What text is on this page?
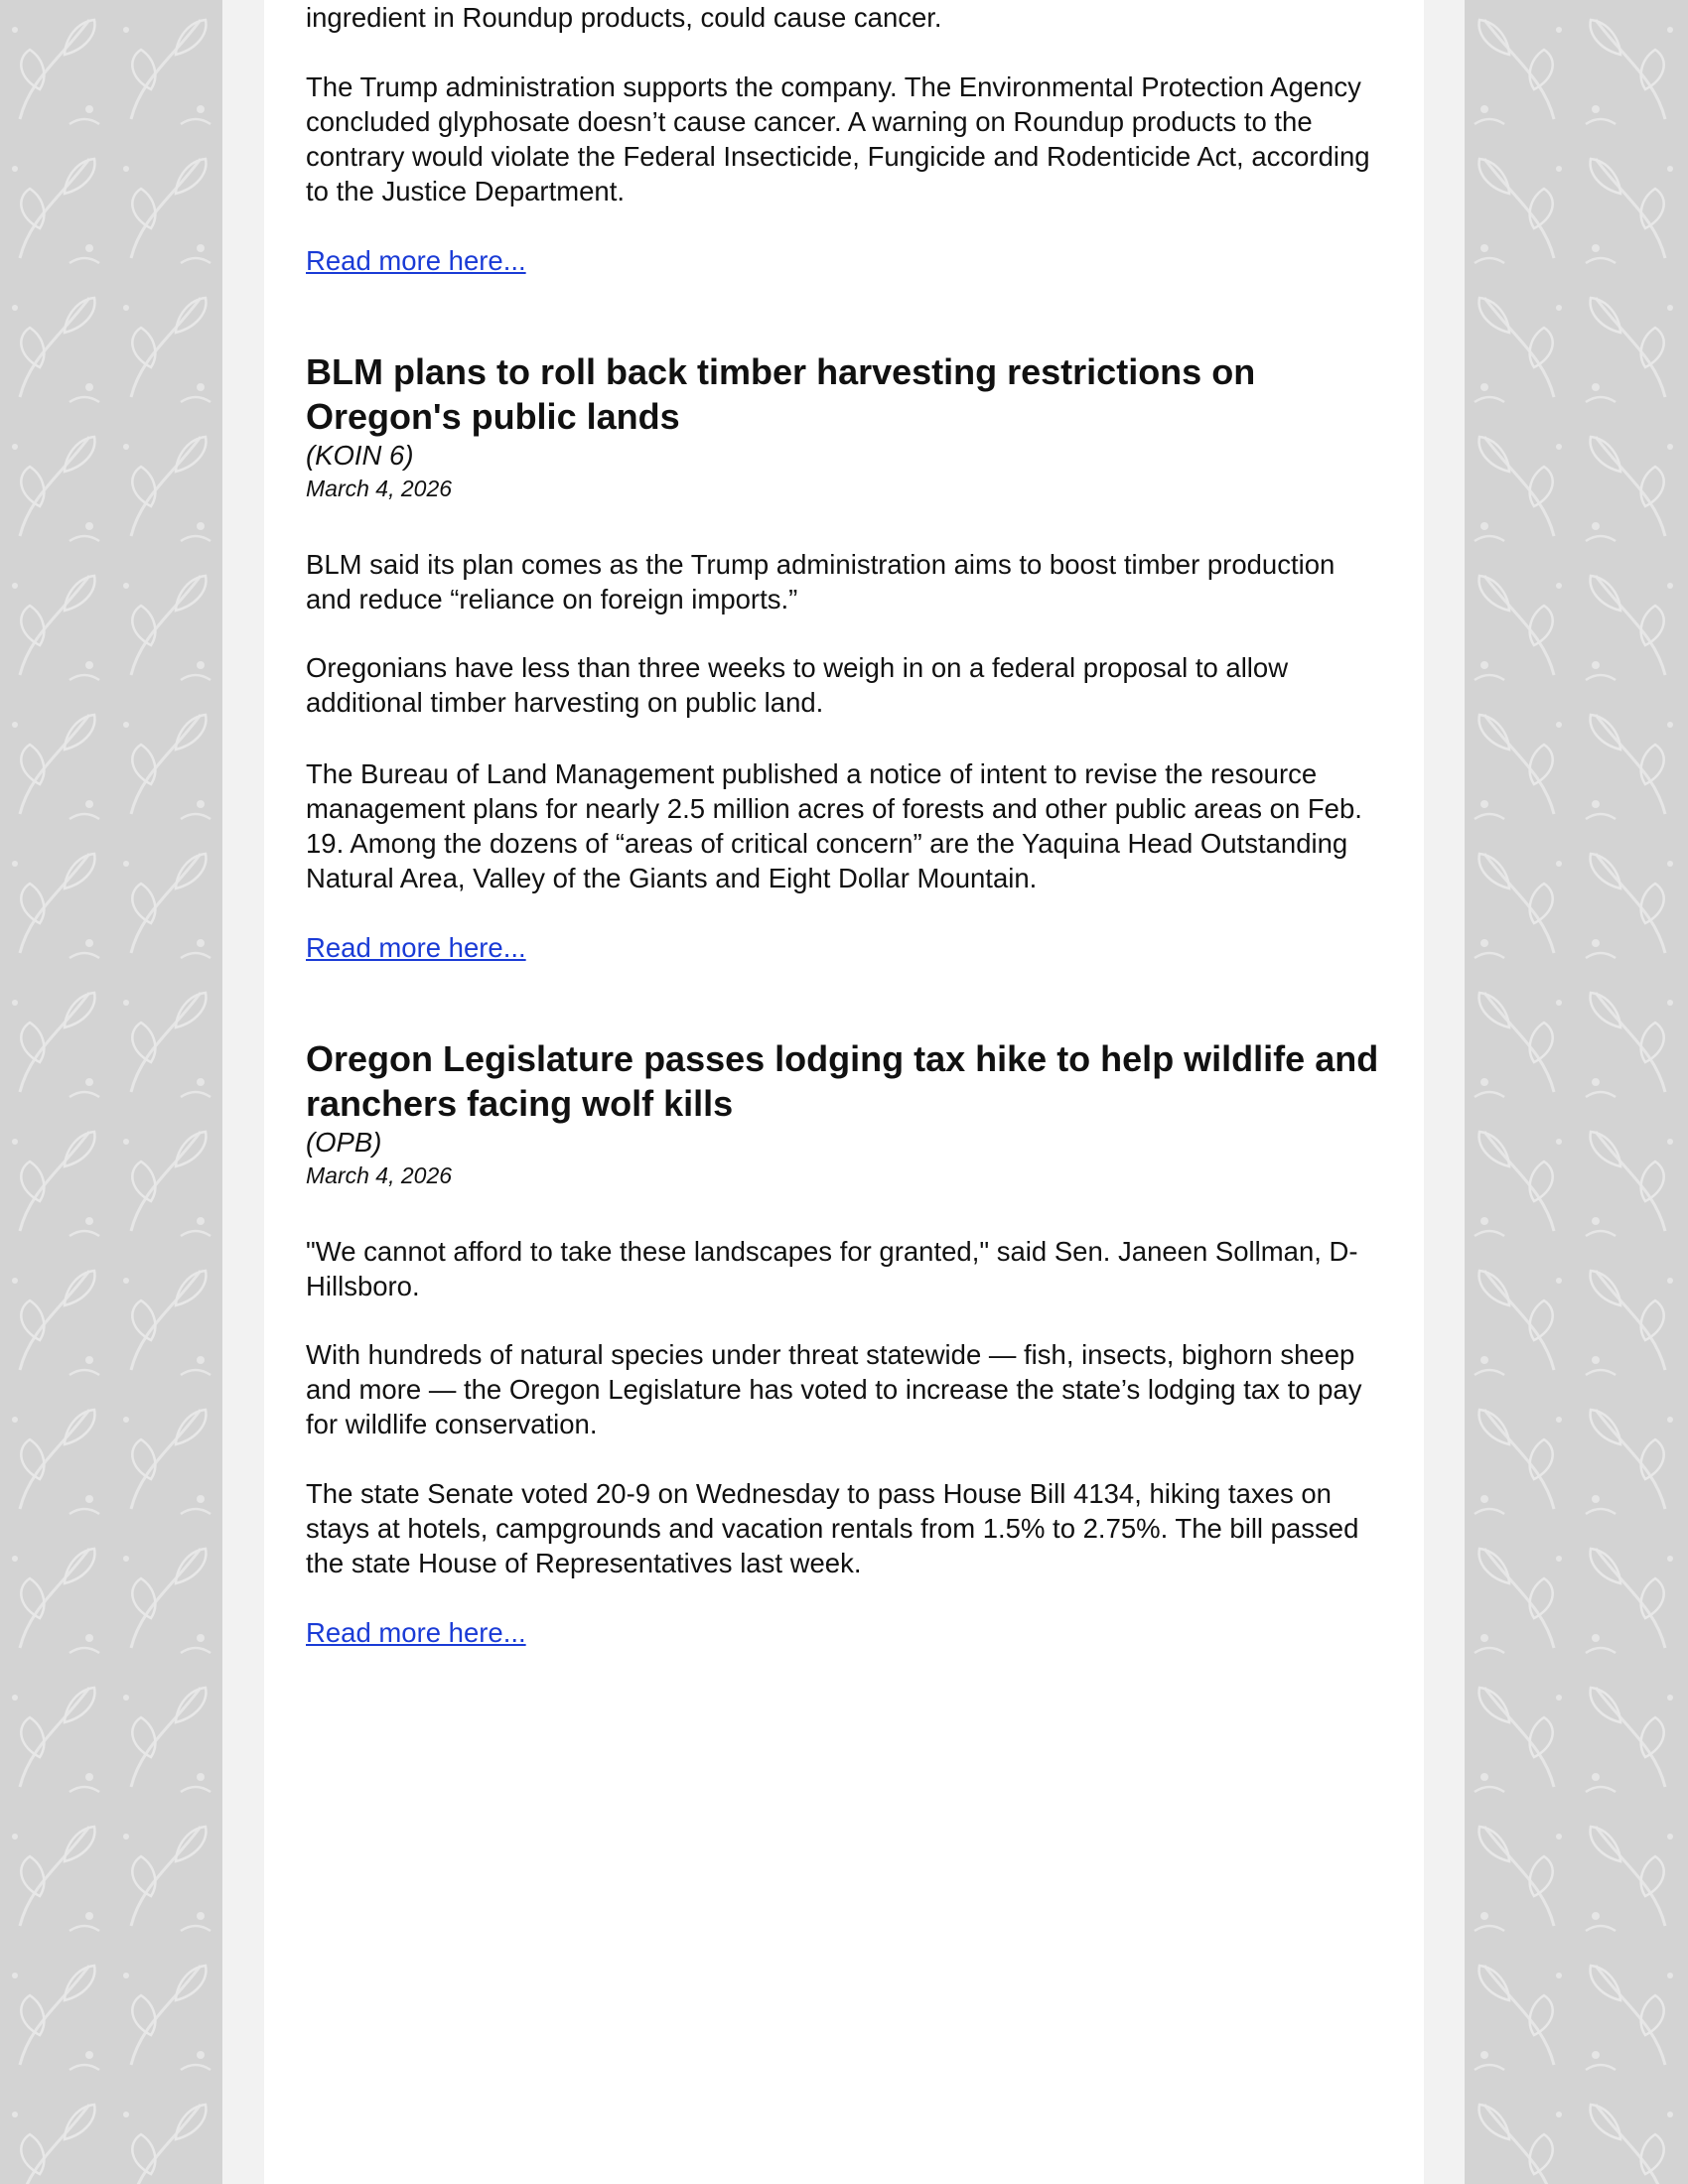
ingredient in Roundup products, could cause cancer.

The Trump administration supports the company. The Environmental Protection Agency concluded glyphosate doesn’t cause cancer. A warning on Roundup products to the contrary would violate the Federal Insecticide, Fungicide and Rodenticide Act, according to the Justice Department.

Read more here...
BLM plans to roll back timber harvesting restrictions on Oregon's public lands

(KOIN 6)

March 4, 2026

BLM said its plan comes as the Trump administration aims to boost timber production and reduce “reliance on foreign imports.”

Oregonians have less than three weeks to weigh in on a federal proposal to allow additional timber harvesting on public land.

The Bureau of Land Management published a notice of intent to revise the resource management plans for nearly 2.5 million acres of forests and other public areas on Feb. 19. Among the dozens of “areas of critical concern” are the Yaquina Head Outstanding Natural Area, Valley of the Giants and Eight Dollar Mountain.

Read more here...
Oregon Legislature passes lodging tax hike to help wildlife and ranchers facing wolf kills

(OPB)

March 4, 2026

"We cannot afford to take these landscapes for granted," said Sen. Janeen Sollman, D-Hillsboro.

With hundreds of natural species under threat statewide — fish, insects, bighorn sheep and more — the Oregon Legislature has voted to increase the state’s lodging tax to pay for wildlife conservation.

The state Senate voted 20-9 on Wednesday to pass House Bill 4134, hiking taxes on stays at hotels, campgrounds and vacation rentals from 1.5% to 2.75%. The bill passed the state House of Representatives last week.

Read more here...
